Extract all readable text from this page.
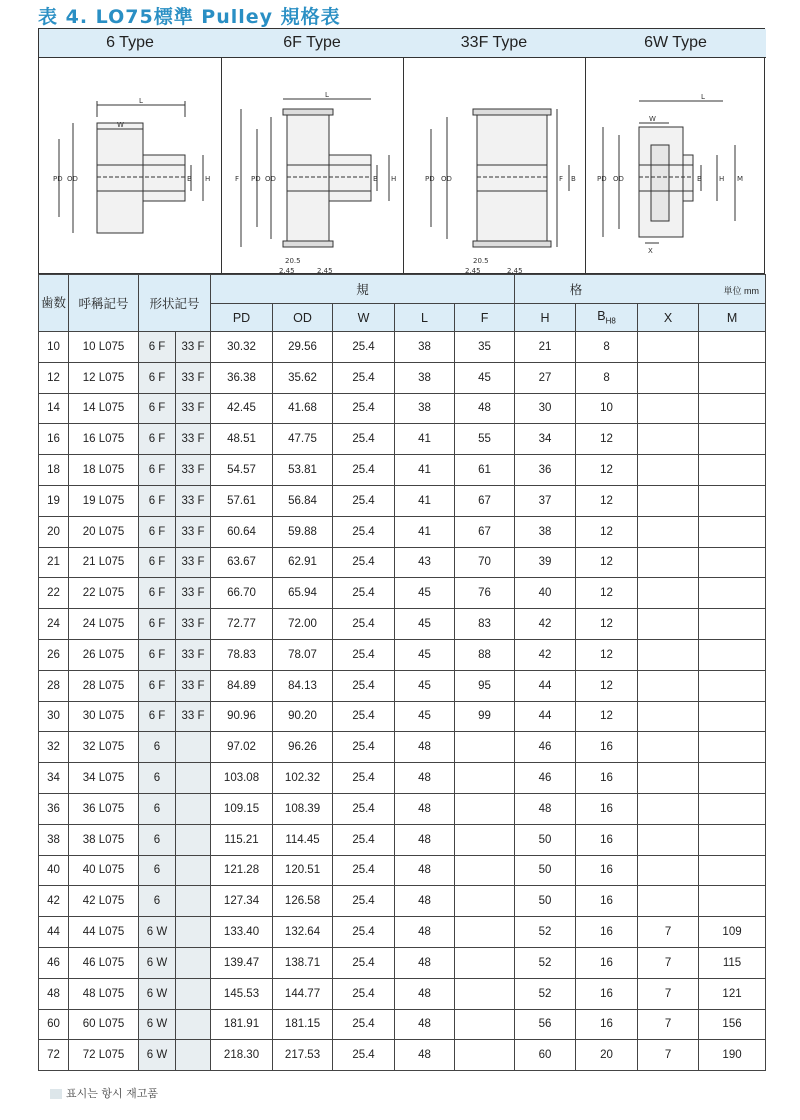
表 4. LO75標準 Pulley 規格表
6 Type
L
W
PD OD	B H
6F Type
L
F PD OD	B H
20.5
2.45	2.45
33F Type
PD OD	F B
20.5
2.45	2.45
6W Type
L
W
PD OD	B H M
X
歯数	呼稱記号	形状記号		規					格 単位 mm			

				PD	OD	W	L	F	H	$B_{H8}$	X	M
10	10 L075	6 F	33 F	30.32	29.56	25.4	38	35	21	8		
12	12 L075	6 F	33 F	36.38	35.62	25.4	38	45	27	8		
14	14 L075	6 F	33 F	42.45	41.68	25.4	38	48	30	10		
16	16 L075	6 F	33 F	48.51	47.75	25.4	41	55	34	12		
18	18 L075	6 F	33 F	54.57	53.81	25.4	41	61	36	12		
19	19 L075	6 F	33 F	57.61	56.84	25.4	41	67	37	12		
20	20 L075	6 F	33 F	60.64	59.88	25.4	41	67	38	12		
21	21 L075	6 F	33 F	63.67	62.91	25.4	43	70	39	12		
22	22 L075	6 F	33 F	66.70	65.94	25.4	45	76	40	12		
24	24 L075	6 F	33 F	72.77	72.00	25.4	45	83	42	12		
26	26 L075	6 F	33 F	78.83	78.07	25.4	45	88	42	12		
28	28 L075	6 F	33 F	84.89	84.13	25.4	45	95	44	12		
30	30 L075	6 F	33 F	90.96	90.20	25.4	45	99	44	12		
32	32 L075	6		97.02	96.26	25.4	48		46	16		
34	34 L075	6		103.08	102.32	25.4	48		46	16		
36	36 L075	6		109.15	108.39	25.4	48		48	16		
38	38 L075	6		115.21	114.45	25.4	48		50	16		
40	40 L075	6		121.28	120.51	25.4	48		50	16		
42	42 L075	6		127.34	126.58	25.4	48		50	16		
44	44 L075	6 W		133.40	132.64	25.4	48		52	16	7	109
46	46 L075	6 W		139.47	138.71	25.4	48		52	16	7	115
48	48 L075	6 W		145.53	144.77	25.4	48		52	16	7	121
60	60 L075	6 W		181.91	181.15	25.4	48		56	16	7	156
72	72 L075	6 W		218.30	217.53	25.4	48		60	20	7	190
표시는 항시 재고품
